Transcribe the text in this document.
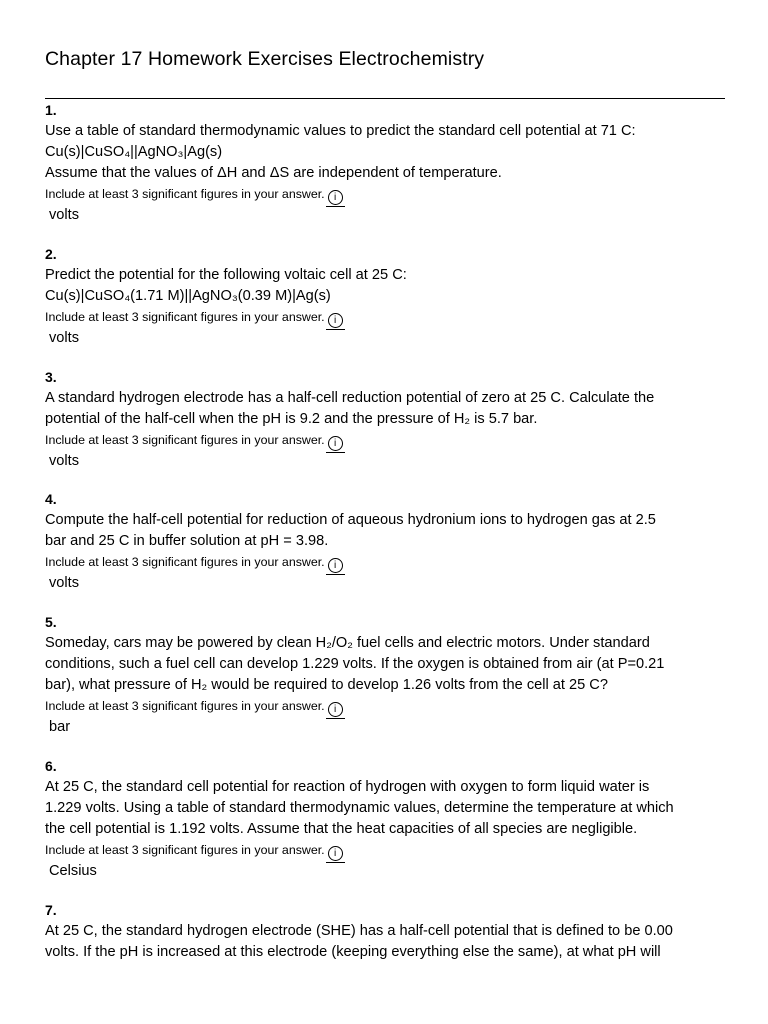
Chapter 17 Homework Exercises Electrochemistry
1.
Use a table of standard thermodynamic values to predict the standard cell potential at 71 C:
Cu(s)|CuSO₄||AgNO₃|Ag(s)
Assume that the values of ΔH and ΔS are independent of temperature.
Include at least 3 significant figures in your answer. i
volts
2.
Predict the potential for the following voltaic cell at 25 C:
Cu(s)|CuSO₄(1.71 M)||AgNO₃(0.39 M)|Ag(s)
Include at least 3 significant figures in your answer. i
volts
3.
A standard hydrogen electrode has a half-cell reduction potential of zero at 25 C. Calculate the
potential of the half-cell when the pH is 9.2 and the pressure of H₂ is 5.7 bar.
Include at least 3 significant figures in your answer. i
volts
4.
Compute the half-cell potential for reduction of aqueous hydronium ions to hydrogen gas at 2.5
bar and 25 C in buffer solution at pH = 3.98.
Include at least 3 significant figures in your answer. i
volts
5.
Someday, cars may be powered by clean H₂/O₂ fuel cells and electric motors. Under standard
conditions, such a fuel cell can develop 1.229 volts. If the oxygen is obtained from air (at P=0.21
bar), what pressure of H₂ would be required to develop 1.26 volts from the cell at 25 C?
Include at least 3 significant figures in your answer. i
bar
6.
At 25 C, the standard cell potential for reaction of hydrogen with oxygen to form liquid water is
1.229 volts. Using a table of standard thermodynamic values, determine the temperature at which
the cell potential is 1.192 volts. Assume that the heat capacities of all species are negligible.
Include at least 3 significant figures in your answer. i
Celsius
7.
At 25 C, the standard hydrogen electrode (SHE) has a half-cell potential that is defined to be 0.00
volts. If the pH is increased at this electrode (keeping everything else the same), at what pH will
